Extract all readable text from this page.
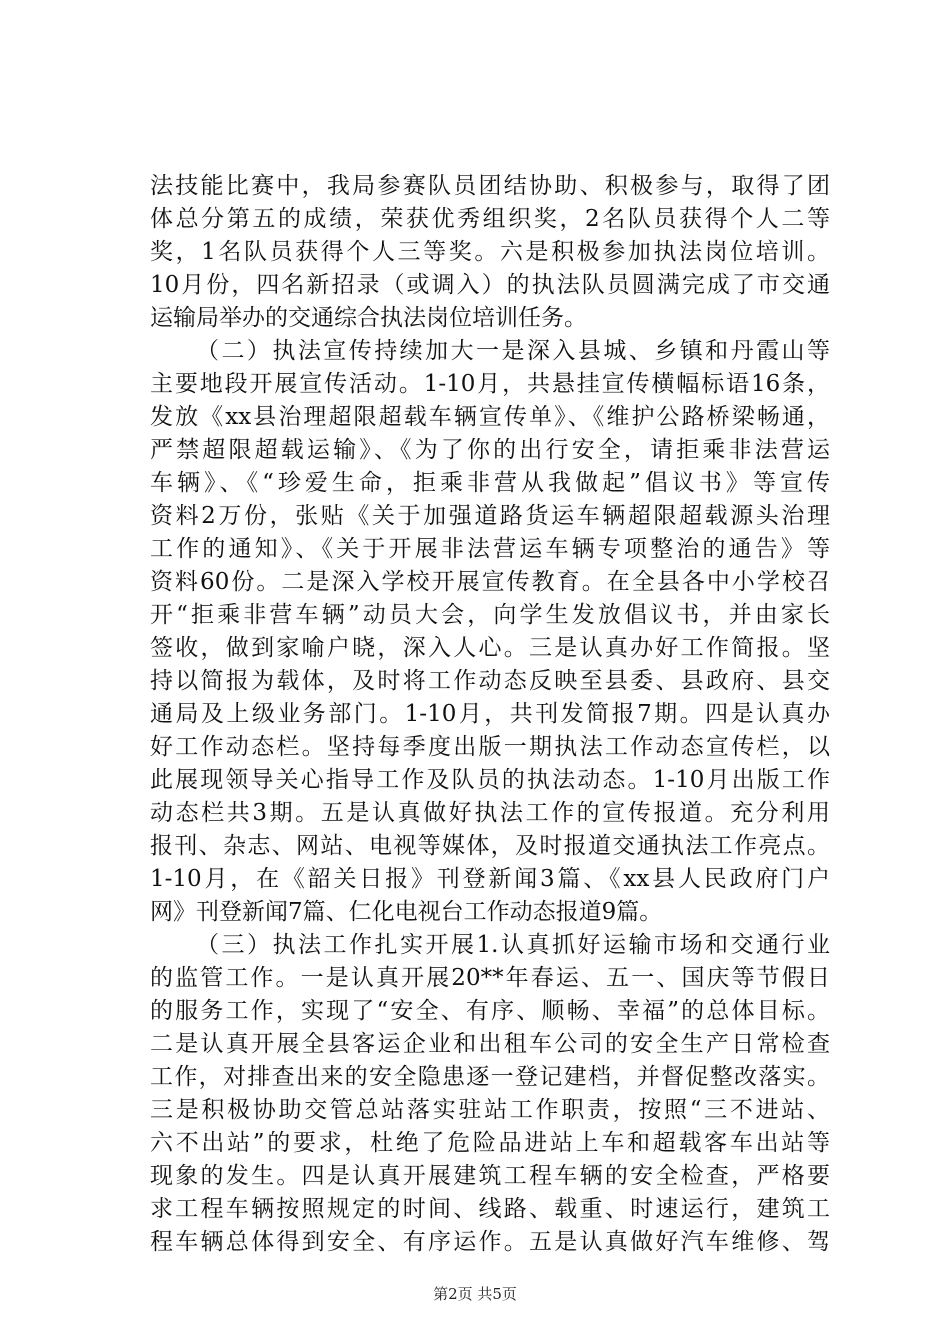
法技能比赛中，我局参赛队员团结协助、积极参与，取得了团
体总分第五的成绩，荣获优秀组织奖，2名队员获得个人二等
奖，1名队员获得个人三等奖。六是积极参加执法岗位培训。
10月份，四名新招录（或调入）的执法队员圆满完成了市交通
运输局举办的交通综合执法岗位培训任务。
（二）执法宣传持续加大一是深入县城、乡镇和丹霞山等
主要地段开展宣传活动。1-10月，共悬挂宣传横幅标语16条，
发放《xx县治理超限超载车辆宣传单》、《维护公路桥梁畅通，
严禁超限超载运输》、《为了你的出行安全，请拒乘非法营运
车辆》、《“珍爱生命，拒乘非营从我做起”倡议书》等宣传
资料2万份，张贴《关于加强道路货运车辆超限超载源头治理
工作的通知》、《关于开展非法营运车辆专项整治的通告》等
资料60份。二是深入学校开展宣传教育。在全县各中小学校召
开“拒乘非营车辆”动员大会，向学生发放倡议书，并由家长
签收，做到家喻户晓，深入人心。三是认真办好工作简报。坚
持以简报为载体，及时将工作动态反映至县委、县政府、县交
通局及上级业务部门。1-10月，共刊发简报7期。四是认真办
好工作动态栏。坚持每季度出版一期执法工作动态宣传栏，以
此展现领导关心指导工作及队员的执法动态。1-10月出版工作
动态栏共3期。五是认真做好执法工作的宣传报道。充分利用
报刊、杂志、网站、电视等媒体，及时报道交通执法工作亮点。
1-10月，在《韶关日报》刊登新闻3篇、《xx县人民政府门户
网》刊登新闻7篇、仁化电视台工作动态报道9篇。
（三）执法工作扎实开展1.认真抓好运输市场和交通行业
的监管工作。一是认真开展20**年春运、五一、国庆等节假日
的服务工作，实现了“安全、有序、顺畅、幸福”的总体目标。
二是认真开展全县客运企业和出租车公司的安全生产日常检查
工作，对排查出来的安全隐患逐一登记建档，并督促整改落实。
三是积极协助交管总站落实驻站工作职责，按照“三不进站、
六不出站”的要求，杜绝了危险品进站上车和超载客车出站等
现象的发生。四是认真开展建筑工程车辆的安全检查，严格要
求工程车辆按照规定的时间、线路、载重、时速运行，建筑工
程车辆总体得到安全、有序运作。五是认真做好汽车维修、驾
第2页 共5页
